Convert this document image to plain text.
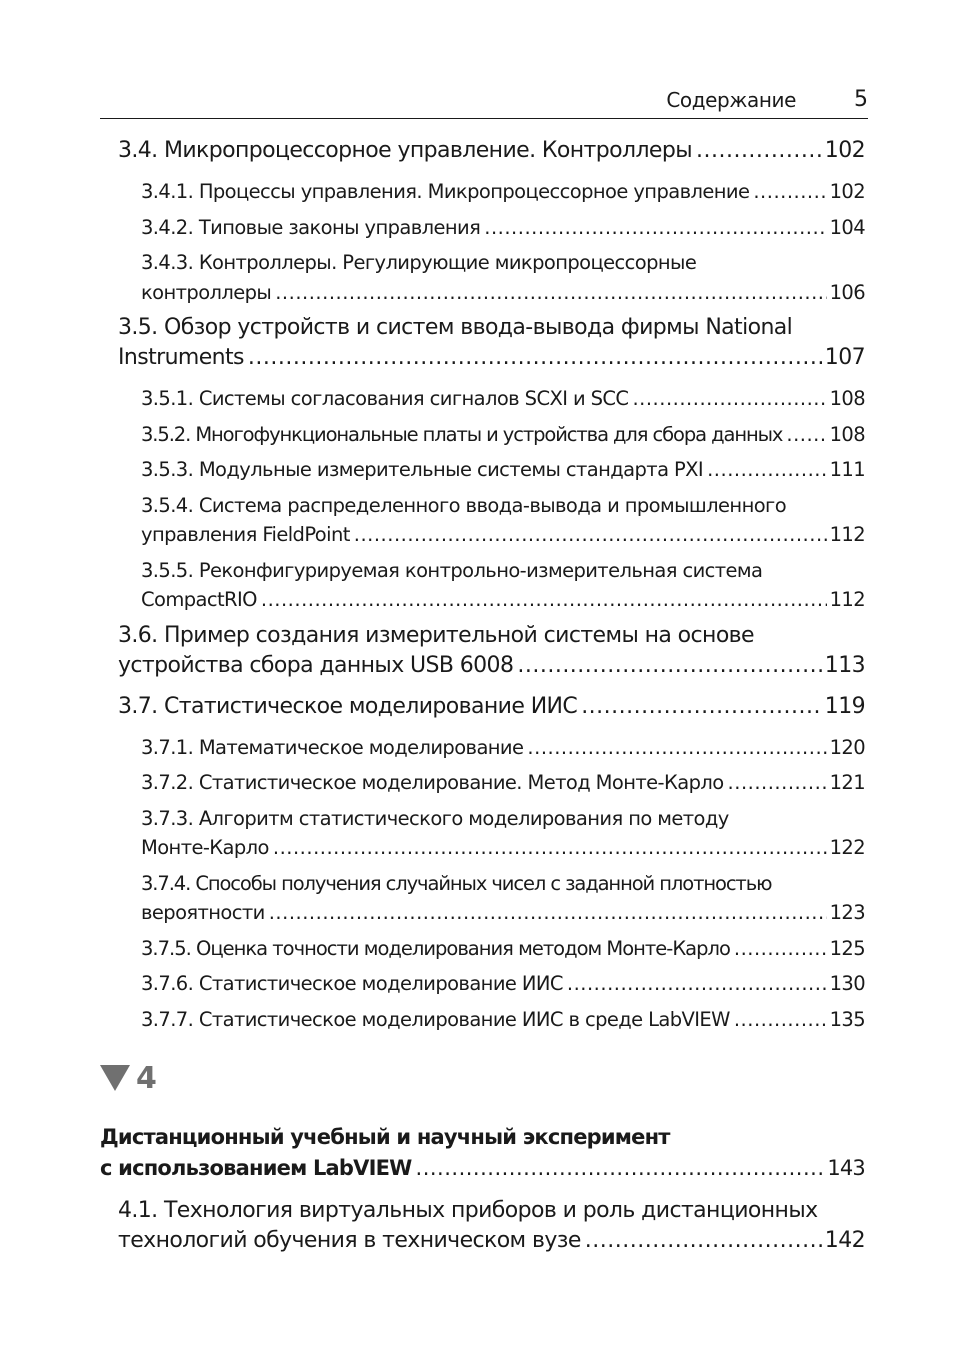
Содержание	5
3.4. Микропроцессорное управление. Контроллеры .....	102
3.4.1. Процессы управления. Микропроцессорное управление .....	102
3.4.2. Типовые законы управления .....	104
3.4.3. Контроллеры. Регулирующие микропроцессорные
контроллеры .....	106
3.5. Обзор устройств и систем ввода-вывода фирмы National
Instruments .....	107
3.5.1. Системы согласования сигналов SCXI и SCC .....	108
3.5.2. Многофункциональные платы и устройства для сбора данных ..... 108
3.5.3. Модульные измерительные системы стандарта PXI .....	111
3.5.4. Система распределенного ввода-вывода и промышленного
управления FieldPoint .....	112
3.5.5. Реконфигурируемая контрольно-измерительная система
CompactRIO .....	112
3.6. Пример создания измерительной системы на основе
устройства сбора данных USB 6008 .....	113
3.7. Статистическое моделирование ИИС .....	119
3.7.1. Математическое моделирование .....	120
3.7.2. Статистическое моделирование. Метод Монте-Карло .....	121
3.7.3. Алгоритм статистического моделирования по методу
Монте-Карло .....	122
3.7.4. Способы получения случайных чисел с заданной плотностью
вероятности .....	123
3.7.5. Оценка точности моделирования методом Монте-Карло .....	125
3.7.6. Статистическое моделирование ИИС .....	130
3.7.7. Статистическое моделирование ИИС в среде LabVIEW .....	135
4
Дистанционный учебный и научный эксперимент
с использованием LabVIEW .....	143
4.1. Технология виртуальных приборов и роль дистанционных
технологий обучения в техническом вузе .....	142
